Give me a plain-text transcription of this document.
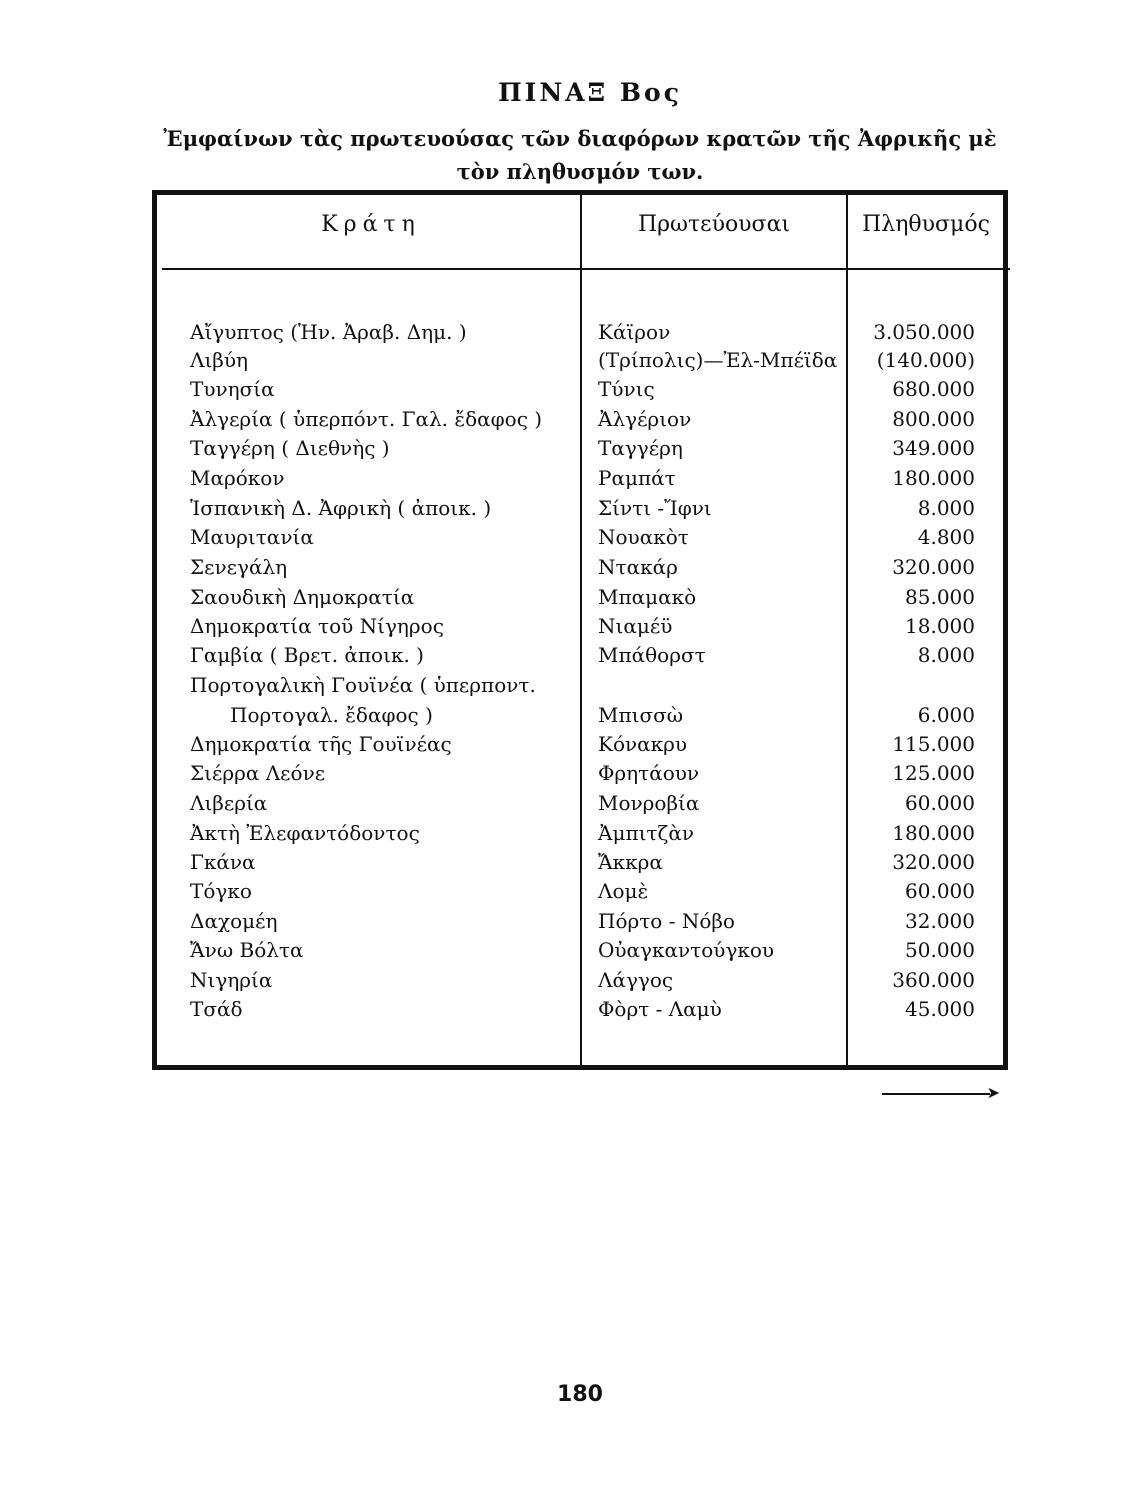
ΠΙΝΑΞ Βος
Ἐμφαίνων τὰς πρωτευούσας τῶν διαφόρων κρατῶν τῆς Ἀφρικῆς μὲ τὸν πληθυσμόν των.
Κράτη	Πρωτεύουσαι	Πληθυσμός
Αἴγυπτος (Ἡν. Ἀραβ. Δημ. )	Κάϊρον	3.050.000
Λιβύη	(Τρίπολις)—Ἐλ-Μπέϊδα	(140.000)
Τυνησία	Τύνις	680.000
Ἀλγερία ( ὑπερπόντ. Γαλ. ἔδαφος )	Ἀλγέριον	800.000
Ταγγέρη ( Διεθνὴς )	Ταγγέρη	349.000
Μαρόκον	Ραμπάτ	180.000
Ἱσπανικὴ Δ. Ἀφρικὴ ( ἀποικ. )	Σίντι -Ἴφνι	8.000
Μαυριτανία	Νουακὸτ	4.800
Σενεγάλη	Ντακάρ	320.000
Σαουδικὴ Δημοκρατία	Μπαμακὸ	85.000
Δημοκρατία τοῦ Νίγηρος	Νιαμέϋ	18.000
Γαμβία ( Βρετ. ἀποικ. )	Μπάθορστ	8.000
Πορτογαλικὴ Γουϊνέα ( ὑπερποντ.
Πορτογαλ. ἔδαφος )	Μπισσὼ	6.000
Δημοκρατία τῆς Γουϊνέας	Κόνακρυ	115.000
Σιέρρα Λεόνε	Φρητάουν	125.000
Λιβερία	Μονροβία	60.000
Ἀκτὴ Ἐλεφαντόδοντος	Ἀμπιτζὰν	180.000
Γκάνα	Ἄκκρα	320.000
Τόγκο	Λομὲ	60.000
Δαχομέη	Πόρτο - Νόβο	32.000
Ἄνω Βόλτα	Οὐαγκαντούγκου	50.000
Νιγηρία	Λάγγος	360.000
Τσάδ	Φὸρτ - Λαμὺ	45.000
➤
180
